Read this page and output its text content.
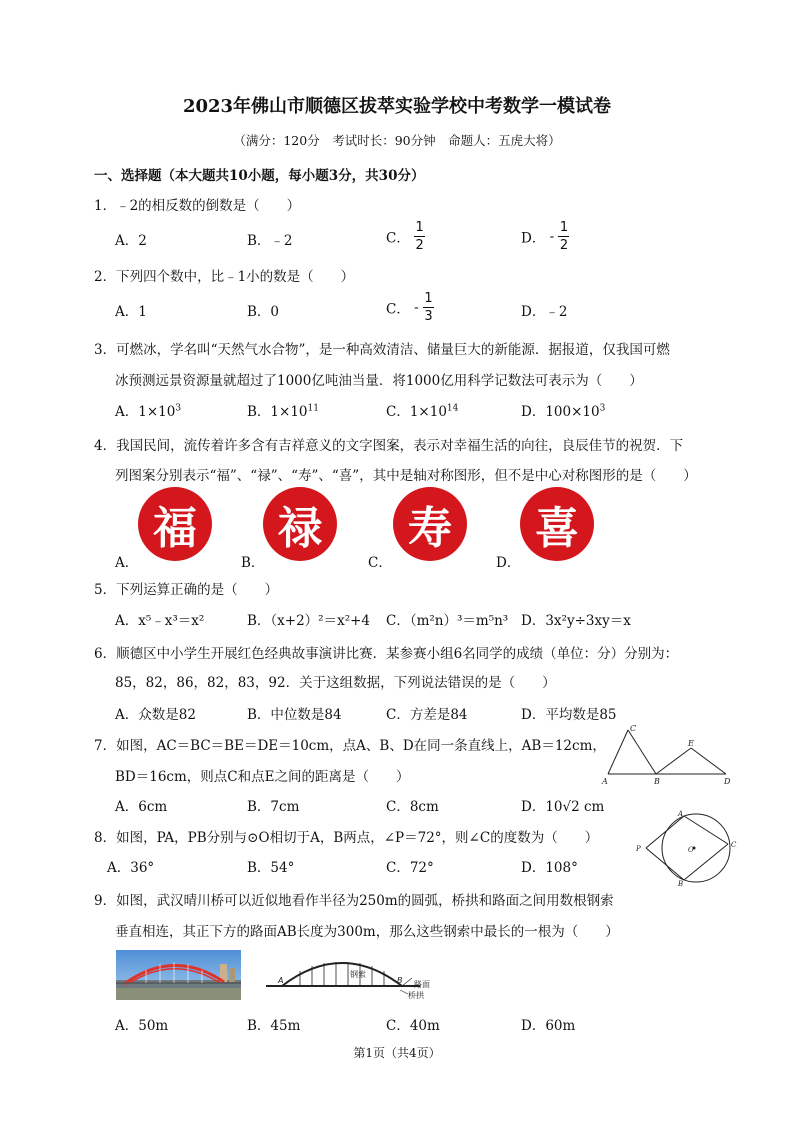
2023年佛山市顺德区拔萃实验学校中考数学一模试卷
（满分：120分　考试时长：90分钟　命题人：五虎大将）
一、选择题（本大题共10小题，每小题3分，共30分）
1．﹣2的相反数的倒数是（　　）
A．2	B．﹣2	C． $\frac{1}{2}$	D． - $\frac{1}{2}$
2．下列四个数中，比﹣1小的数是（　　）
A．1	B．0	C． - $\frac{1}{3}$	D．﹣2
3．可燃冰，学名叫“天然气水合物”，是一种高效清洁、储量巨大的新能源．据报道，仅我国可燃
冰预测远景资源量就超过了1000亿吨油当量．将1000亿用科学记数法可表示为（　　）
A．$1\times 10^3$	B．$1\times 10^{11}$	C．$1\times 10^{14}$	D．$100\times 10^3$
4．我国民间，流传着许多含有吉祥意义的文字图案，表示对幸福生活的向往，良辰佳节的祝贺．下
列图案分别表示“福”、“禄”、“寿”、“喜”，其中是轴对称图形，但不是中心对称图形的是（　　）
福	禄	寿	喜
A．	B．	C．	D．
5．下列运算正确的是（　　）
A．x⁵﹣x³＝x²	B．（x+2）²＝x²+4 C．（m²n）³＝m⁵n³ D．3x²y÷3xy＝x
6．顺德区中小学生开展红色经典故事演讲比赛．某参赛小组6名同学的成绩（单位：分）分别为：
85，82，86，82，83，92．关于这组数据，下列说法错误的是（　　）
A．众数是82	B．中位数是84	C．方差是84	D．平均数是85
7．如图，AC＝BC＝BE＝DE＝10cm，点A、B、D在同一条直线上，AB＝12cm，
BD＝16cm，则点C和点E之间的距离是（　　）
C
E
A	B	D
A．6cm	B．7cm	C．8cm	D．10√2 cm
8．如图，PA，PB分别与⊙O相切于A，B两点，∠P＝72°，则∠C的度数为（　　）
A
P	O
C
B
A．36°	B．54°	C．72°	D．108°
9．如图，武汉晴川桥可以近似地看作半径为250m的圆弧，桥拱和路面之间用数根钢索
垂直相连，其正下方的路面AB长度为300m，那么这些钢索中最长的一根为（　　）
A	B
钢索
路面
桥拱
A．50m	B．45m	C．40m	D．60m
第1页（共4页）
